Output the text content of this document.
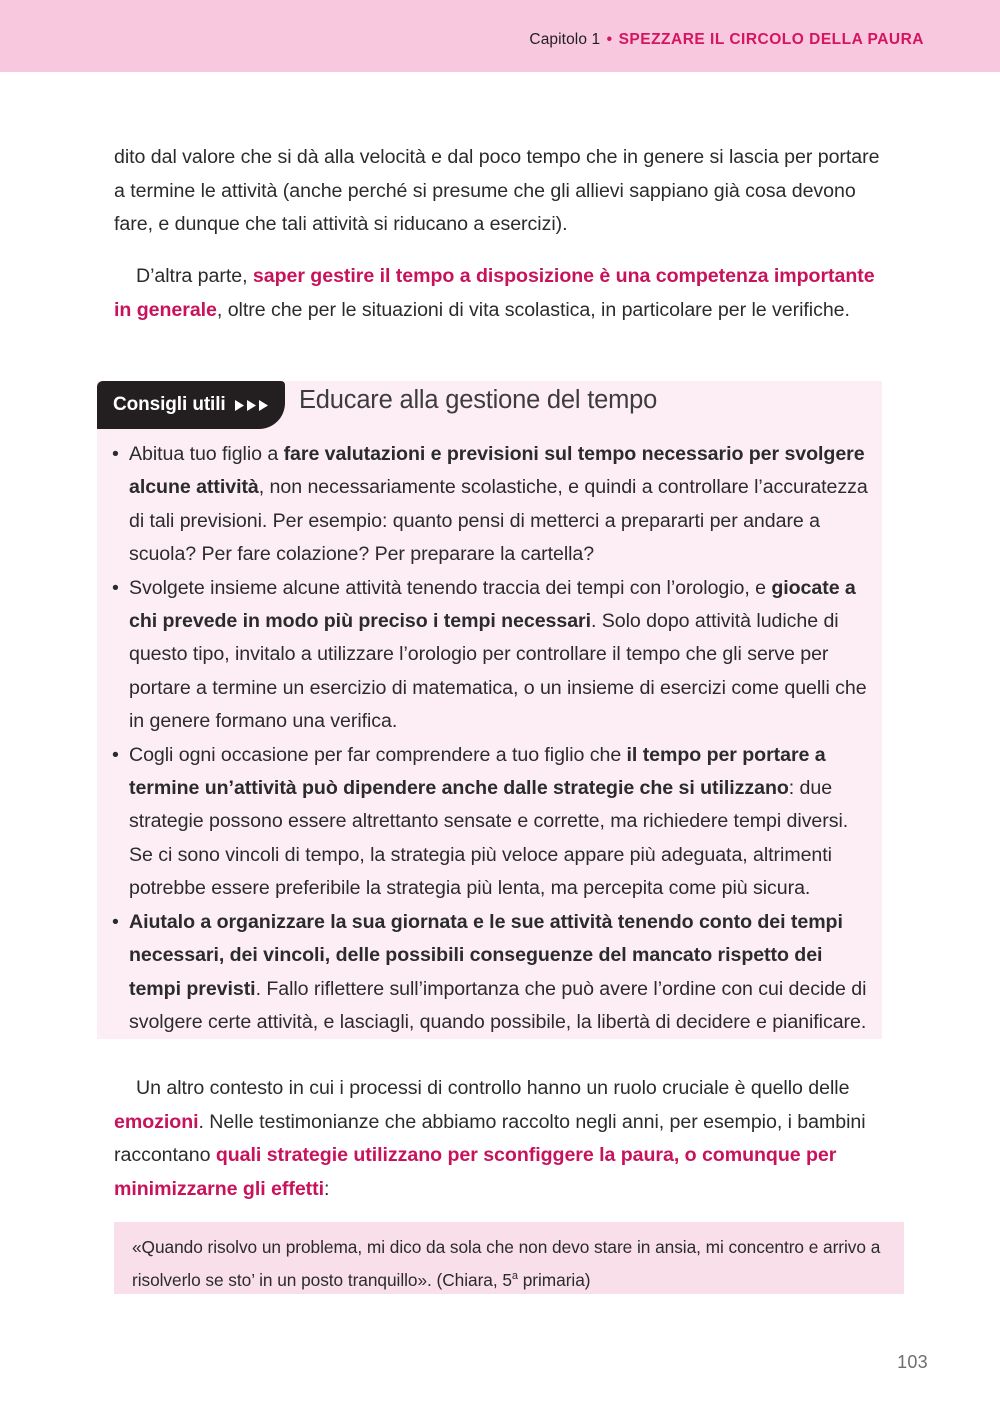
Capitolo 1 • SPEZZARE IL CIRCOLO DELLA PAURA
dito dal valore che si dà alla velocità e dal poco tempo che in genere si lascia per portare a termine le attività (anche perché si presume che gli allievi sappiano già cosa devono fare, e dunque che tali attività si riducano a esercizi).
D’altra parte, saper gestire il tempo a disposizione è una competenza importante in generale, oltre che per le situazioni di vita scolastica, in particolare per le verifiche.
Consigli utili	Educare alla gestione del tempo
• Abitua tuo figlio a fare valutazioni e previsioni sul tempo necessario per svolgere alcune attività, non necessariamente scolastiche, e quindi a controllare l’accuratezza di tali previsioni. Per esempio: quanto pensi di metterci a prepararti per andare a scuola? Per fare colazione? Per preparare la cartella?
• Svolgete insieme alcune attività tenendo traccia dei tempi con l’orologio, e giocate a chi prevede in modo più preciso i tempi necessari. Solo dopo attività ludiche di questo tipo, invitalo a utilizzare l’orologio per controllare il tempo che gli serve per portare a termine un esercizio di matematica, o un insieme di esercizi come quelli che in genere formano una verifica.
• Cogli ogni occasione per far comprendere a tuo figlio che il tempo per portare a termine un’attività può dipendere anche dalle strategie che si utilizzano: due strategie possono essere altrettanto sensate e corrette, ma richiedere tempi diversi. Se ci sono vincoli di tempo, la strategia più veloce appare più adeguata, altrimenti potrebbe essere preferibile la strategia più lenta, ma percepita come più sicura.
• Aiutalo a organizzare la sua giornata e le sue attività tenendo conto dei tempi necessari, dei vincoli, delle possibili conseguenze del mancato rispetto dei tempi previsti. Fallo riflettere sull’importanza che può avere l’ordine con cui decide di svolgere certe attività, e lasciagli, quando possibile, la libertà di decidere e pianificare.
Un altro contesto in cui i processi di controllo hanno un ruolo cruciale è quello delle emozioni. Nelle testimonianze che abbiamo raccolto negli anni, per esempio, i bambini raccontano quali strategie utilizzano per sconfiggere la paura, o comunque per minimizzarne gli effetti:
«Quando risolvo un problema, mi dico da sola che non devo stare in ansia, mi concentro e arrivo a risolverlo se sto’ in un posto tranquillo». (Chiara, 5$^a$ primaria)
103
